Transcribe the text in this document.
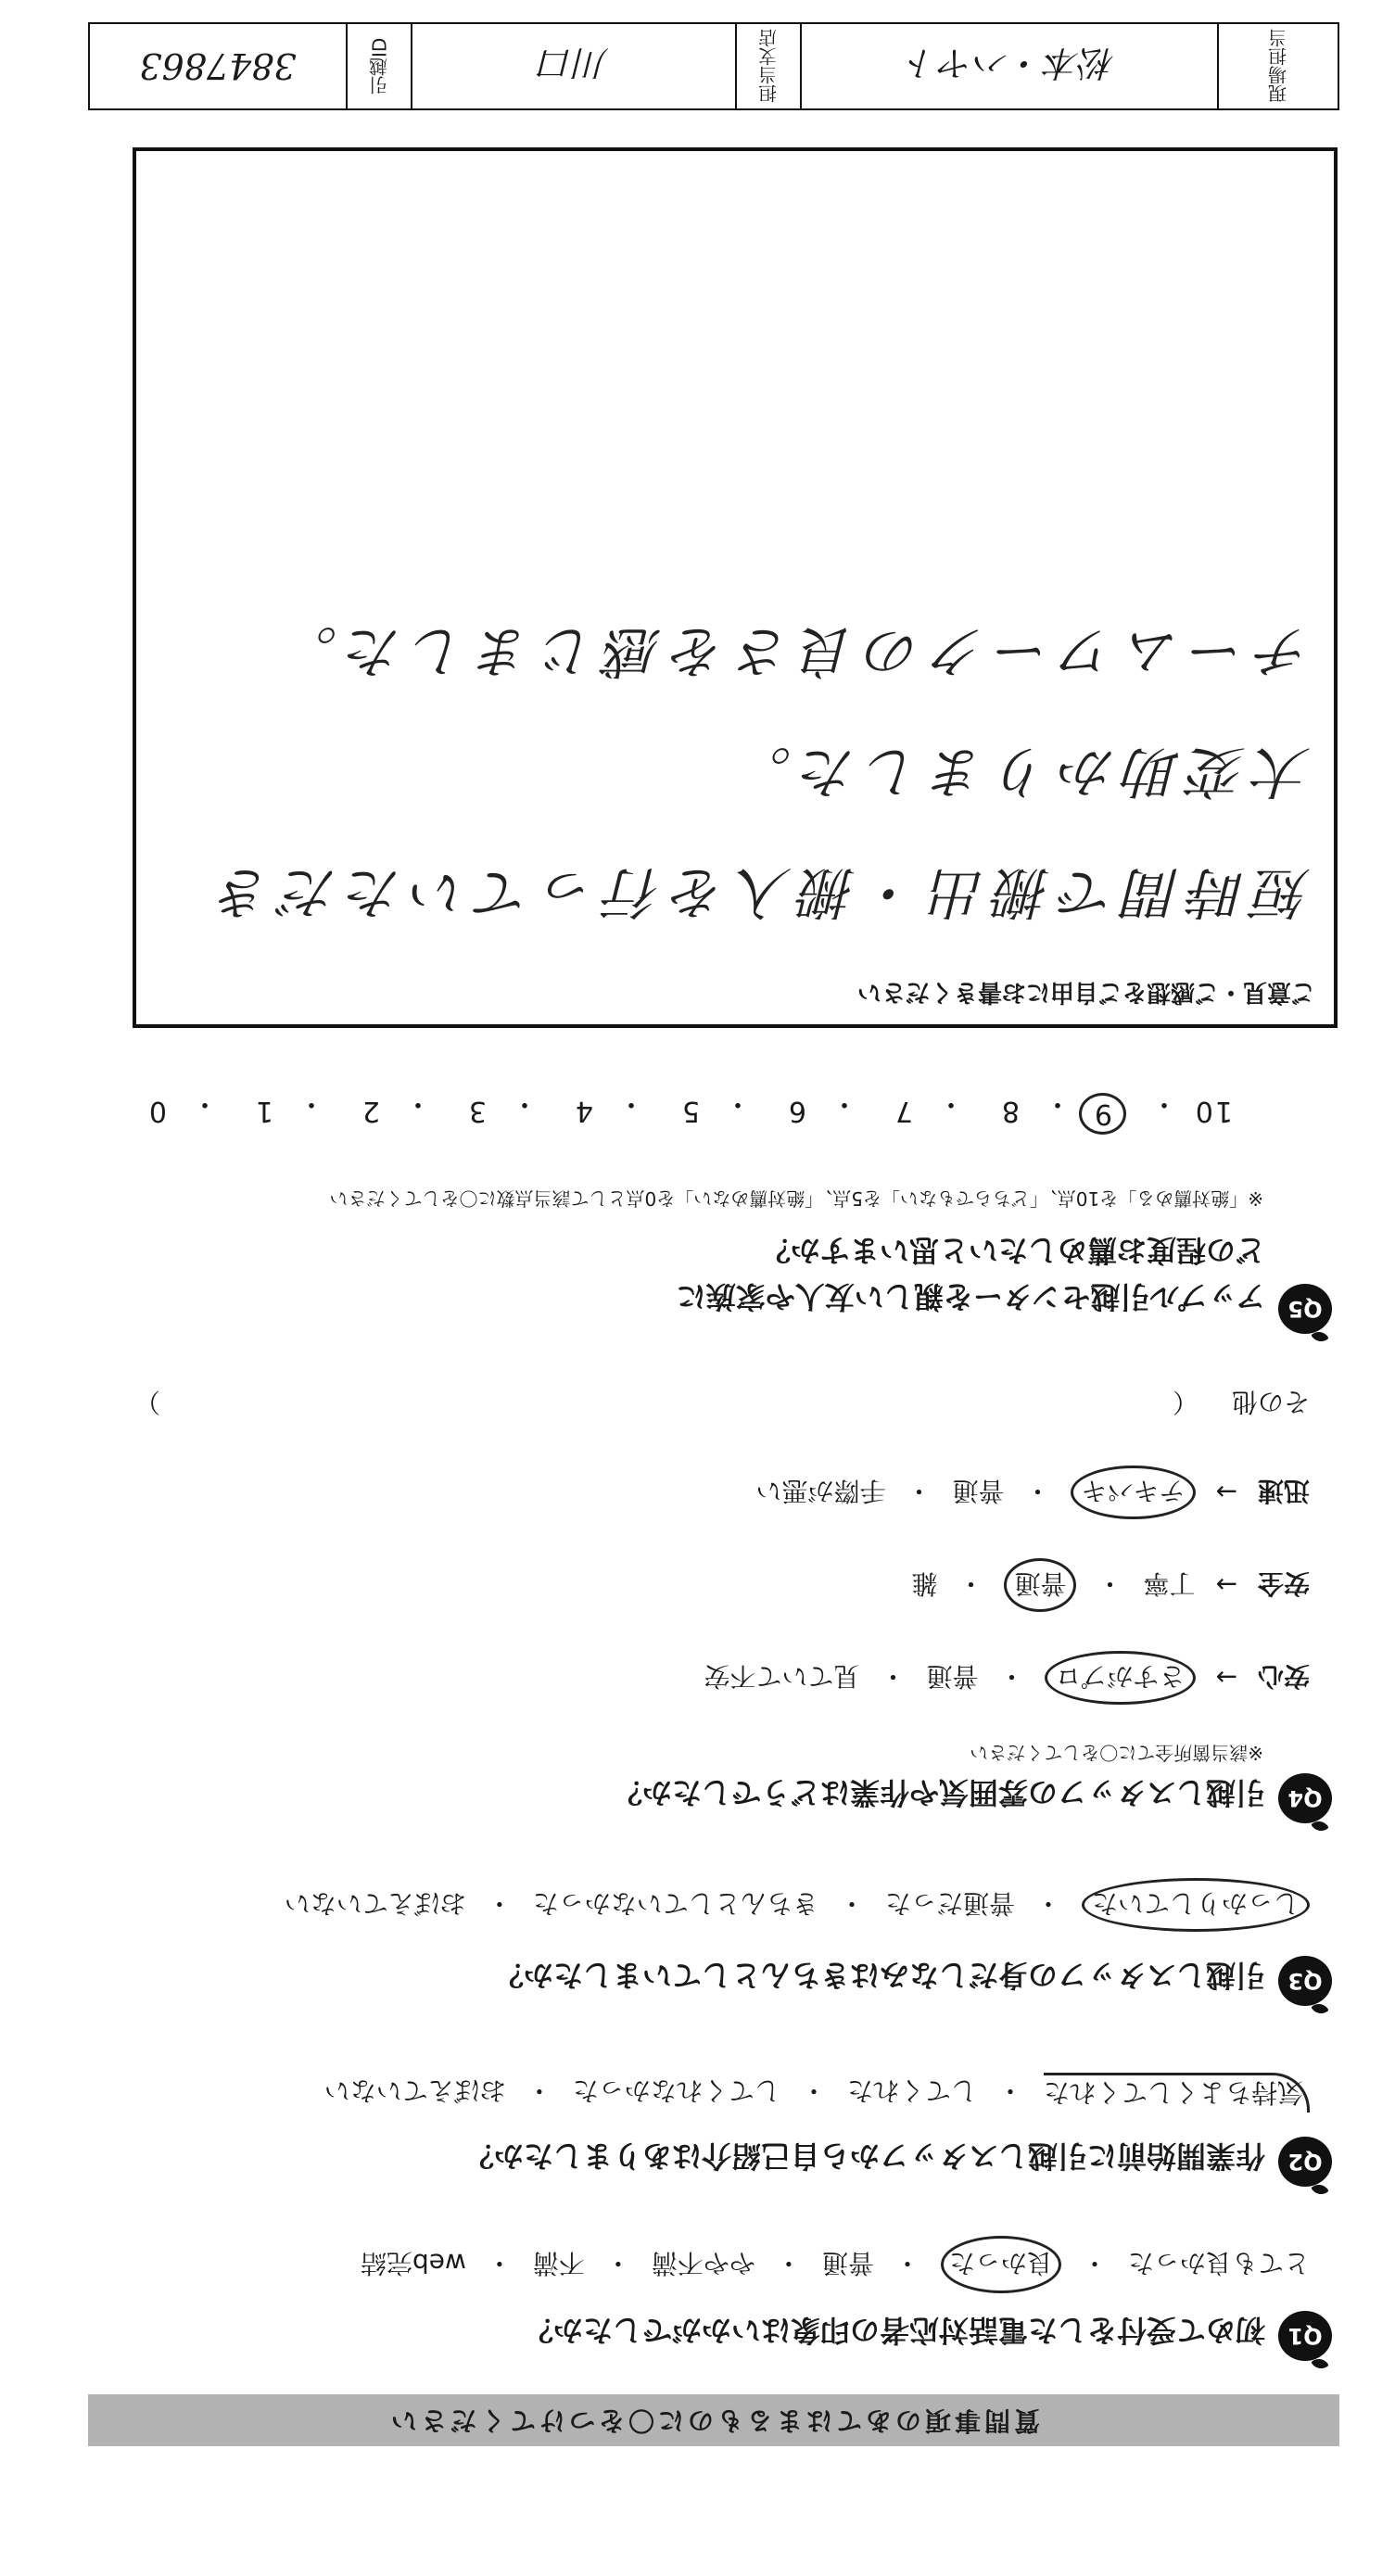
質問事項のあてはまるものに〇をつけてください
Q1
初めて受付をした電話対応者の印象はいかがでしたか？
とても良かった
・
良かった
・
普通
・
やや不満
・
不満
・
web完結
Q2
作業開始前に引越しスタッフから自己紹介はありましたか？
気持ちよくしてくれた
・
してくれた
・
してくれなかった
・
おぼえていない
Q3
引越しスタッフの身だしなみはきちんとしていましたか？
しっかりしていた
・
普通だった
・
きちんとしていなかった
・
おぼえていない
Q4
引越しスタッフの雰囲気や作業はどうでしたか？
※該当箇所全てに〇をしてください
安心
→
さすがプロ
・
普通
・
見ていて不安
安全
→
丁寧
・
普通
・
雑
迅速
→
テキパキ
・
普通
・
手際が悪い
その他
（
）
Q5
アップル引越センターを親しい友人や家族に
どの程度お薦めしたいと思いますか？
※「絶対薦める」を10点、「どちらでもない」を5点、「絶対薦めない」を0点として該当点数に〇をしてください
10
・
9
・
8
・
7
・
6
・
5
・
4
・
3
・
2
・
1
・
0
ご意見・ご感想をご自由にお書きください
短時間で搬出・搬入を行っていただき
大変助かりました。
チームワークの良さを感じました。
現場担当
松本・ハヤト
担当支店
川口
引越ID
3847863
